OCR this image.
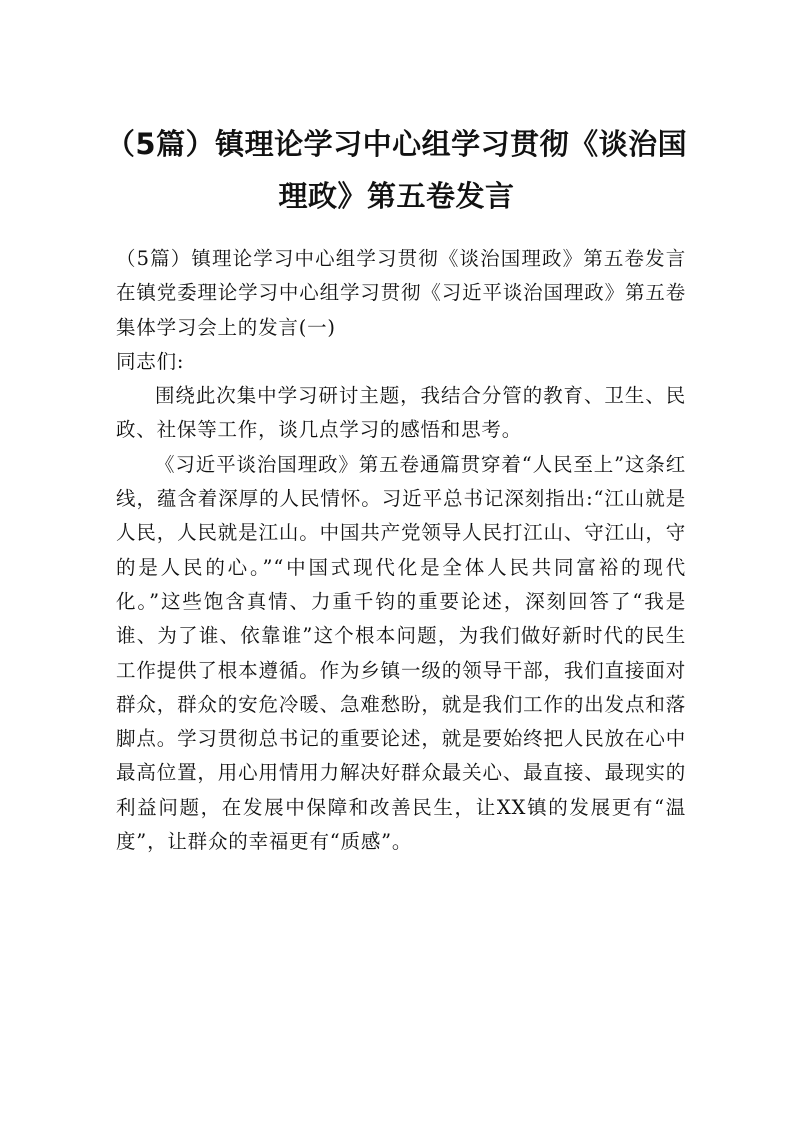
（5篇）镇理论学习中心组学习贯彻《谈治国理政》第五卷发言

（5篇）镇理论学习中心组学习贯彻《谈治国理政》第五卷发言在镇党委理论学习中心组学习贯彻《习近平谈治国理政》第五卷集体学习会上的发言(一)

同志们:

围绕此次集中学习研讨主题，我结合分管的教育、卫生、民政、社保等工作，谈几点学习的感悟和思考。

《习近平谈治国理政》第五卷通篇贯穿着“人民至上”这条红线，蕴含着深厚的人民情怀。习近平总书记深刻指出:“江山就是人民，人民就是江山。中国共产党领导人民打江山、守江山，守的是人民的心。”“中国式现代化是全体人民共同富裕的现代化。”这些饱含真情、力重千钧的重要论述，深刻回答了“我是谁、为了谁、依靠谁”这个根本问题，为我们做好新时代的民生工作提供了根本遵循。作为乡镇一级的领导干部，我们直接面对群众，群众的安危冷暖、急难愁盼，就是我们工作的出发点和落脚点。学习贯彻总书记的重要论述，就是要始终把人民放在心中最高位置，用心用情用力解决好群众最关心、最直接、最现实的利益问题，在发展中保障和改善民生，让XX镇的发展更有“温度”，让群众的幸福更有“质感”。
